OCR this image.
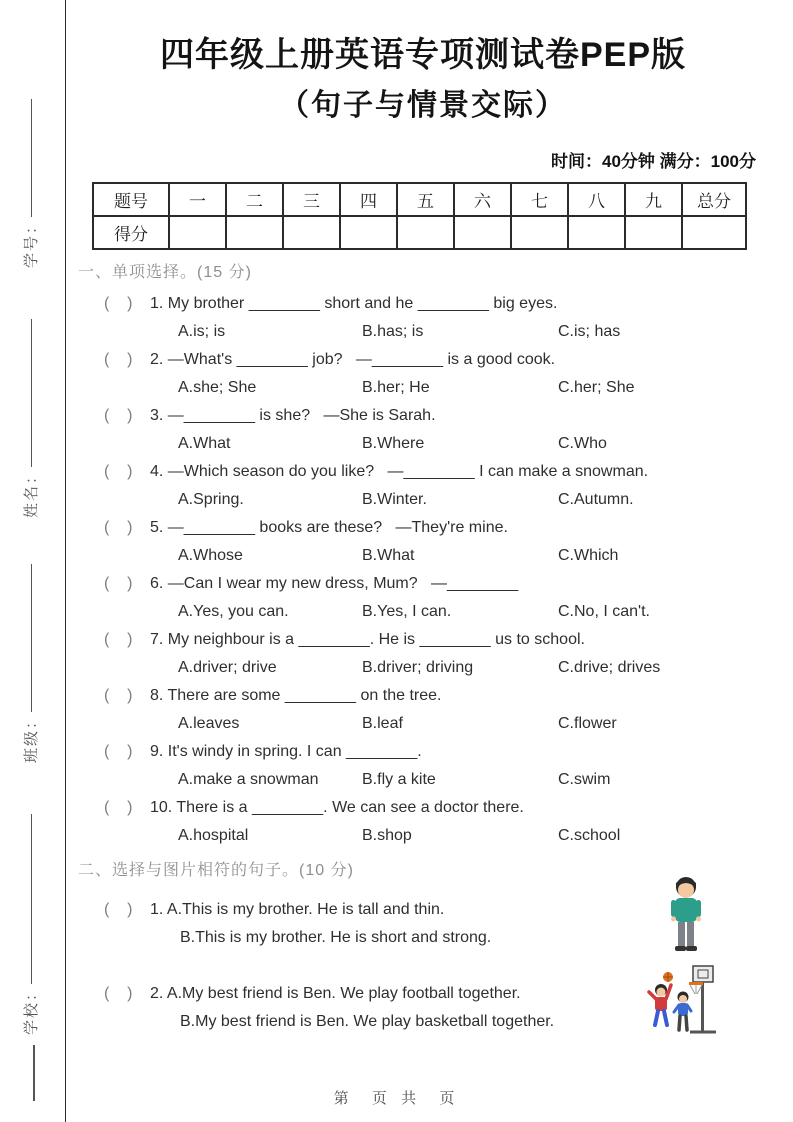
学号：
姓名：
班级：
学校：
四年级上册英语专项测试卷PEP版
（句子与情景交际）
时间：40分钟 满分：100分
题号	一	二	三	四	五	六	七	八	九	总分
得分										
一、单项选择。(15 分)
(    )	1. My brother ________ short and he ________ big eyes.
A.is; is	B.has; is	C.is; has
(    )	2. —What's ________ job?   —________ is a good cook.
A.she; She	B.her; He	C.her; She
(    )	3. —________ is she?   —She is Sarah.
A.What	B.Where	C.Who
(    )	4. —Which season do you like?   —________ I can make a snowman.
A.Spring.	B.Winter.	C.Autumn.
(    )	5. —________ books are these?   —They're mine.
A.Whose	B.What	C.Which
(    )	6. —Can I wear my new dress, Mum?   —________
A.Yes, you can.	B.Yes, I can.	C.No, I can't.
(    )	7. My neighbour is a ________. He is ________ us to school.
A.driver; drive	B.driver; driving	C.drive; drives
(    )	8. There are some ________ on the tree.
A.leaves	B.leaf	C.flower
(    )	9. It's windy in spring. I can ________.
A.make a snowman	B.fly a kite	C.swim
(    )	10. There is a ________. We can see a doctor there.
A.hospital	B.shop	C.school
二、选择与图片相符的句子。(10 分)
(    )	1. A.This is my brother. He is tall and thin.
B.This is my brother. He is short and strong.
(    )	2. A.My best friend is Ben. We play football together.
B.My best friend is Ben. We play basketball together.
第  页 共  页
